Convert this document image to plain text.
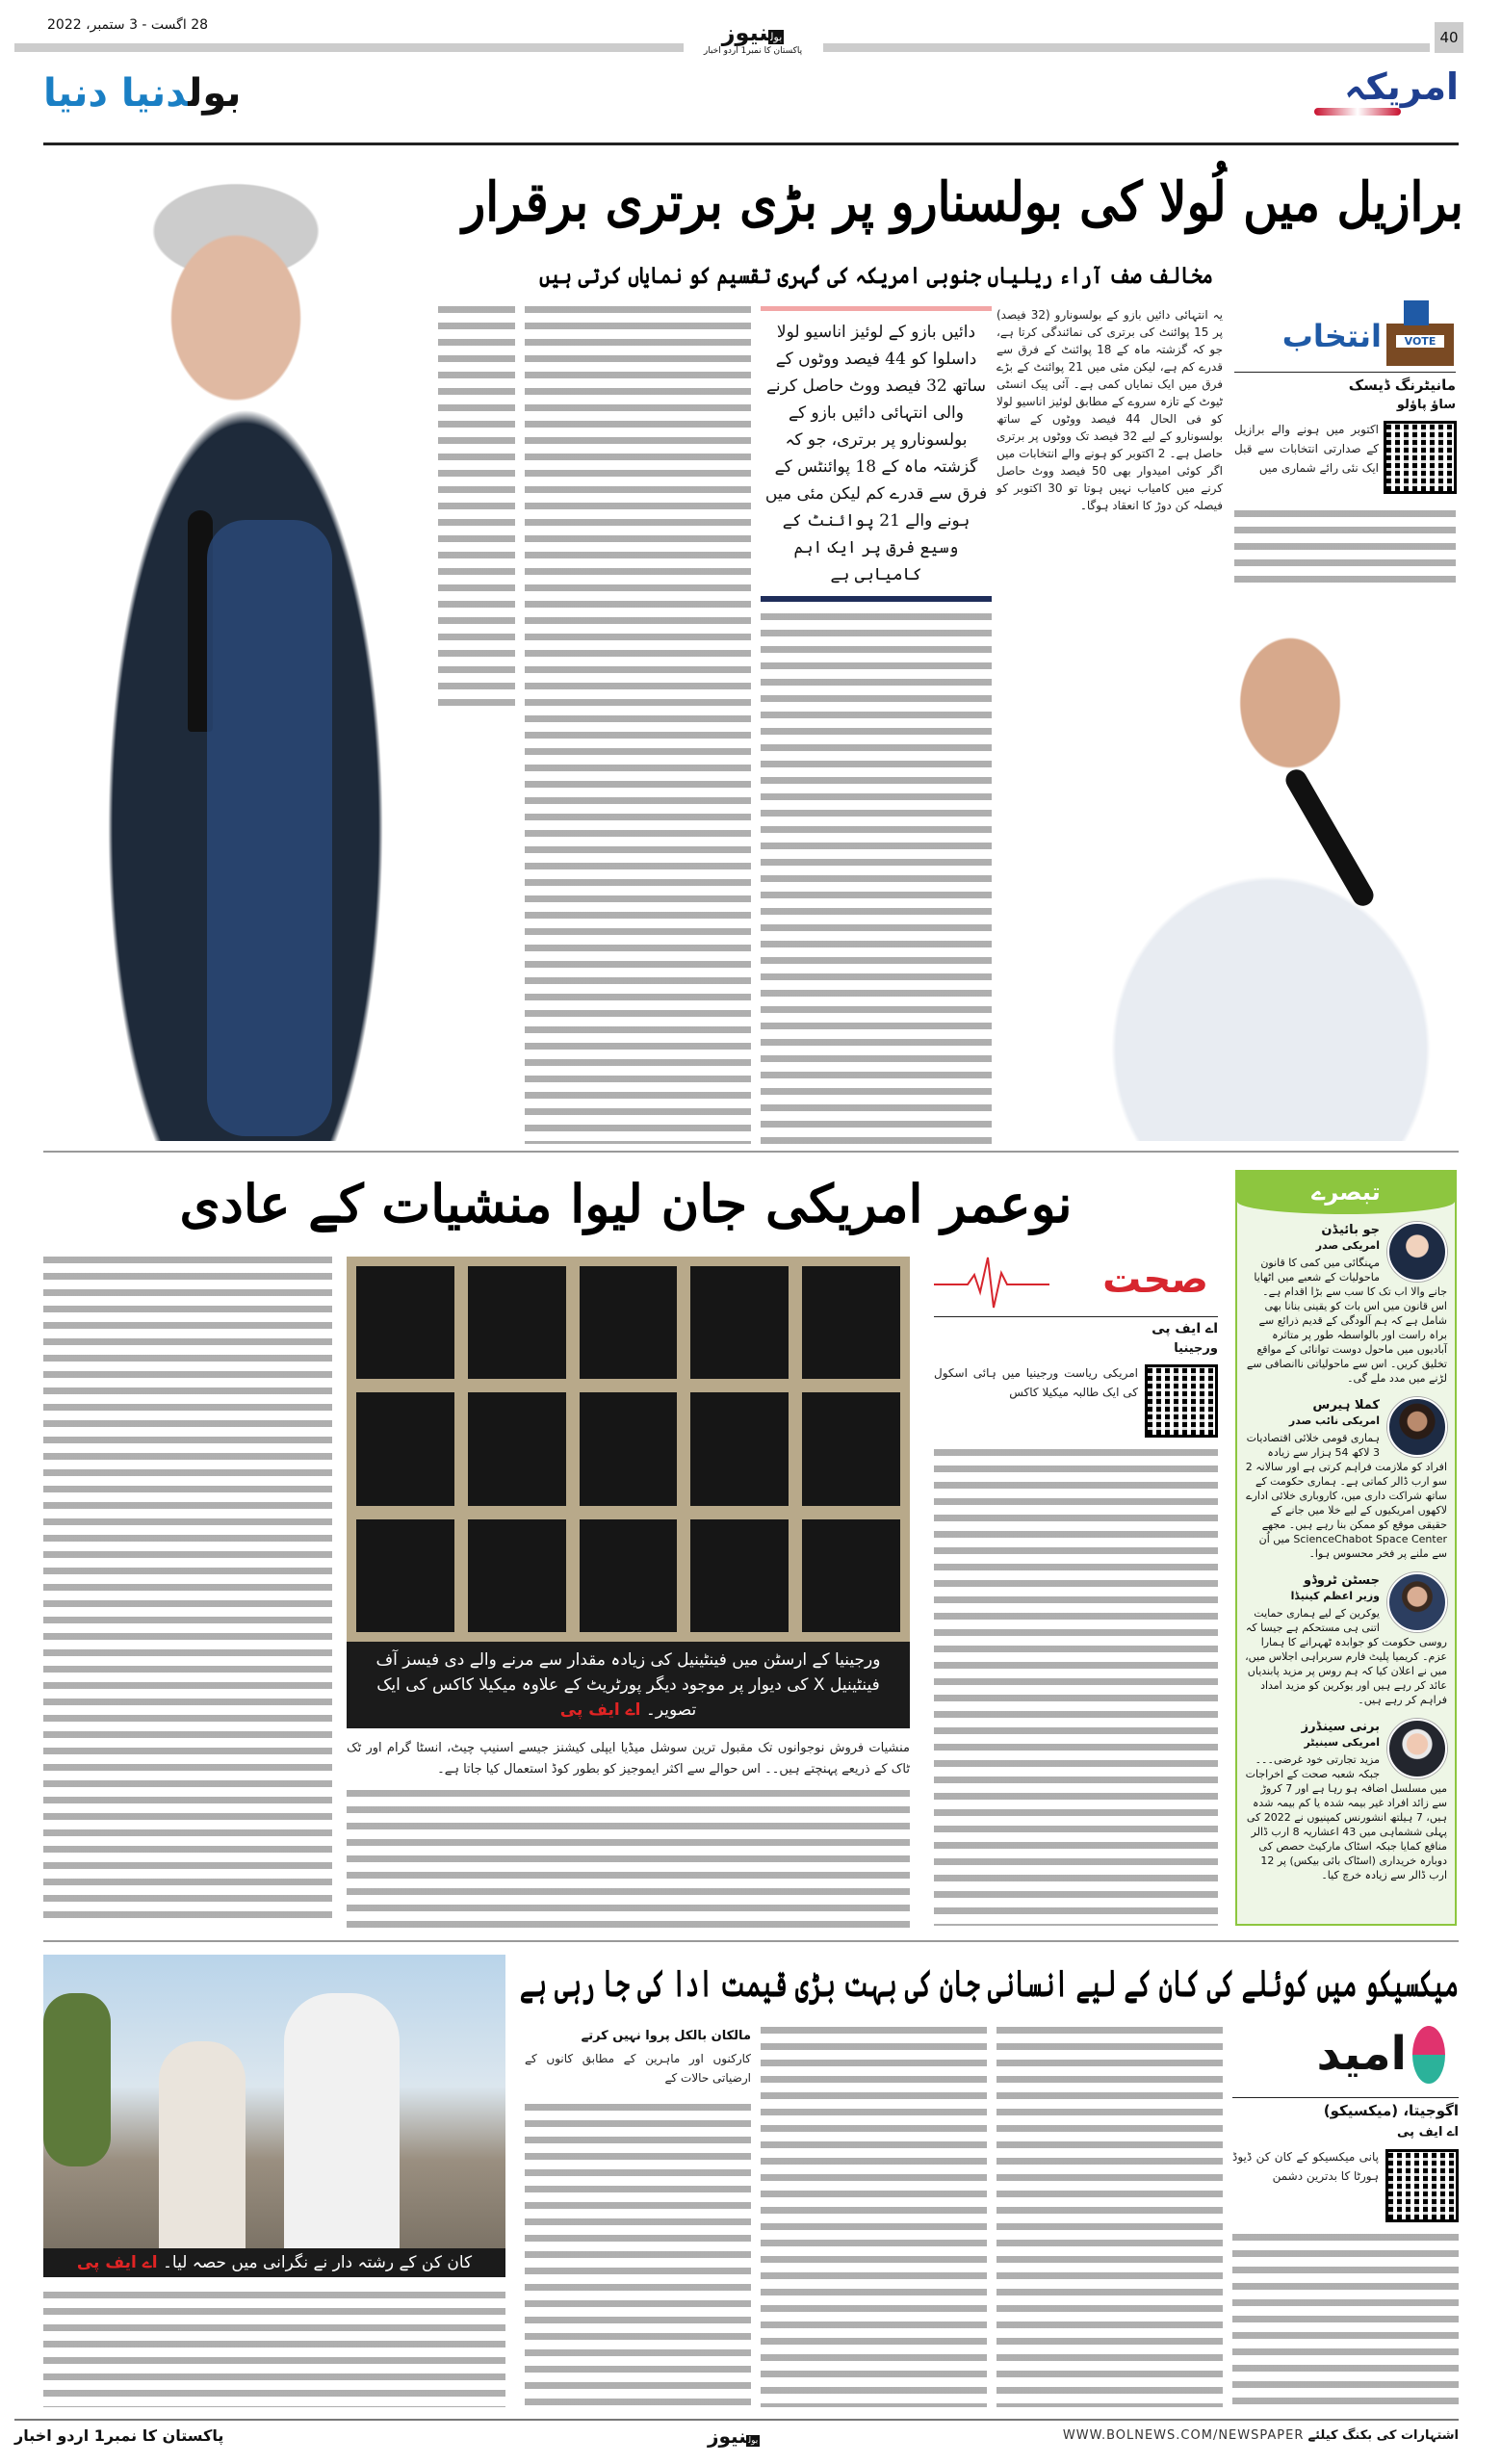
40
28 اگست - 3 ستمبر، 2022
بولنیوز
پاکستان کا نمبر1 اردو اخبار
بولدنیا دنیا	امریکہ
برازیل میں لُولا کی بولسنارو پر بڑی برتری برقرار
مخالف صف آراء ریلیاں جنوبی امریکہ کی گہری تقسیم کو نمایاں کرتی ہیں
VOTE
انتخاب
مانیٹرنگ ڈیسک
ساؤ پاؤلو
اکتوبر میں ہونے والے برازیل کے صدارتی انتخابات سے قبل ایک نئی رائے شماری میں
یہ انتہائی دائیں بازو کے بولسونارو (32 فیصد) پر 15 پوائنٹ کی برتری کی نمائندگی کرتا ہے، جو کہ گزشتہ ماہ کے 18 پوائنٹ کے فرق سے قدرے کم ہے، لیکن مئی میں 21 پوائنٹ کے بڑے فرق میں ایک نمایاں کمی ہے۔ آئی پیک انسٹی ٹیوٹ کے تازہ سروے کے مطابق لوئیز اناسیو لولا کو فی الحال 44 فیصد ووٹوں کے ساتھ بولسونارو کے لیے 32 فیصد تک ووٹوں پر برتری حاصل ہے۔ 2 اکتوبر کو ہونے والے انتخابات میں اگر کوئی امیدوار بھی 50 فیصد ووٹ حاصل کرنے میں کامیاب نہیں ہوتا تو 30 اکتوبر کو فیصلہ کن دوڑ کا انعقاد ہوگا۔
دائیں بازو کے لوئیز اناسیو لولا داسلوا کو 44 فیصد ووٹوں کے ساتھ 32 فیصد ووٹ حاصل کرنے والی انتہائی دائیں بازو کے بولسونارو پر برتری، جو کہ گزشتہ ماہ کے 18 پوائنٹس کے فرق سے قدرے کم لیکن مئی میں ہونے والے 21 پوائنٹ کے وسیع فرق پر ایک اہم کامیابی ہے
نوعمر امریکی جان لیوا منشیات کے عادی
ورجینیا کے ارسٹن میں فینٹینیل کی زیادہ مقدار سے مرنے والے دی فیسز آف فینٹینیل X کی دیوار پر موجود دیگر پورٹریٹ کے علاوہ میکیلا کاکس کی ایک تصویر۔ اے ایف پی
منشیات فروش نوجوانوں تک مقبول ترین سوشل میڈیا ایپلی کیشنز جیسے اسنیپ چیٹ، انسٹا گرام اور ٹک ٹاک کے ذریعے پہنچتے ہیں۔۔ اس حوالے سے اکثر ایموجیز کو بطور کوڈ استعمال کیا جاتا ہے۔
صحت
اے ایف پی
ورجینیا
امریکی ریاست ورجینیا میں ہائی اسکول کی ایک طالبہ میکیلا کاکس
تبصرے
جو بائیڈن
امریکی صدر
مہنگائی میں کمی کا قانون ماحولیات کے شعبے میں اٹھایا جانے والا اب تک کا سب سے بڑا اقدام ہے۔ اس قانون میں اس بات کو یقینی بنانا بھی شامل ہے کہ ہم آلودگی کے قدیم ذرائع سے براہ راست اور بالواسطہ طور پر متاثرہ آبادیوں میں ماحول دوست توانائی کے مواقع تخلیق کریں۔ اس سے ماحولیاتی ناانصافی سے لڑنے میں مدد ملے گی۔
کملا ہیرس
امریکی نائب صدر
ہماری قومی خلائی اقتصادیات 3 لاکھ 54 ہزار سے زیادہ افراد کو ملازمت فراہم کرتی ہے اور سالانہ 2 سو ارب ڈالر کماتی ہے۔ ہماری حکومت کے ساتھ شراکت داری میں، کاروباری خلائی ادارے لاکھوں امریکیوں کے لیے خلا میں جانے کے حقیقی موقع کو ممکن بنا رہے ہیں۔ مجھے ScienceChabot Space Center میں اُن سے ملنے پر فخر محسوس ہوا۔
جسٹن ٹروڈو
وزیر اعظم کینیڈا
یوکرین کے لیے ہماری حمایت اتنی ہی مستحکم ہے جیسا کہ روسی حکومت کو جوابدہ ٹھہرانے کا ہمارا عزم۔ کریمیا پلیٹ فارم سربراہی اجلاس میں، میں نے اعلان کیا کہ ہم روس پر مزید پابندیاں عائد کر رہے ہیں اور یوکرین کو مزید امداد فراہم کر رہے ہیں۔
برنی سینڈرز
امریکی سینیٹر
مزید تجارتی خود غرضی۔۔۔ جبکہ شعبہ صحت کے اخراجات میں مسلسل اضافہ ہو رہا ہے اور 7 کروڑ سے زائد افراد غیر بیمہ شدہ یا کم بیمہ شدہ ہیں، 7 ہیلتھ انشورنس کمپنیوں نے 2022 کی پہلی ششماہی میں 43 اعشاریہ 8 ارب ڈالر منافع کمایا جبکہ اسٹاک مارکیٹ حصص کی دوبارہ خریداری (اسٹاک بائی بیکس) پر 12 ارب ڈالر سے زیادہ خرچ کیا۔
کان کن کے رشتہ دار نے نگرانی میں حصہ لیا۔ اے ایف پی
میکسیکو میں کوئلے کی کان کے لیے انسانی جان کی بہت بڑی قیمت ادا کی جا رہی ہے
امید
اگوجیتا، (میکسیکو)
اے ایف پی
پانی میکسیکو کے کان کن ڈیوڈ ہورٹا کا بدترین دشمن
مالکان بالکل پروا نہیں کرتے
کارکنوں اور ماہرین کے مطابق کانوں کے ارضیاتی حالات کے
پاکستان کا نمبر1 اردو اخبار	بولنیوز	WWW.BOLNEWS.COM/NEWSPAPER اشتہارات کی بکنگ کیلئے
